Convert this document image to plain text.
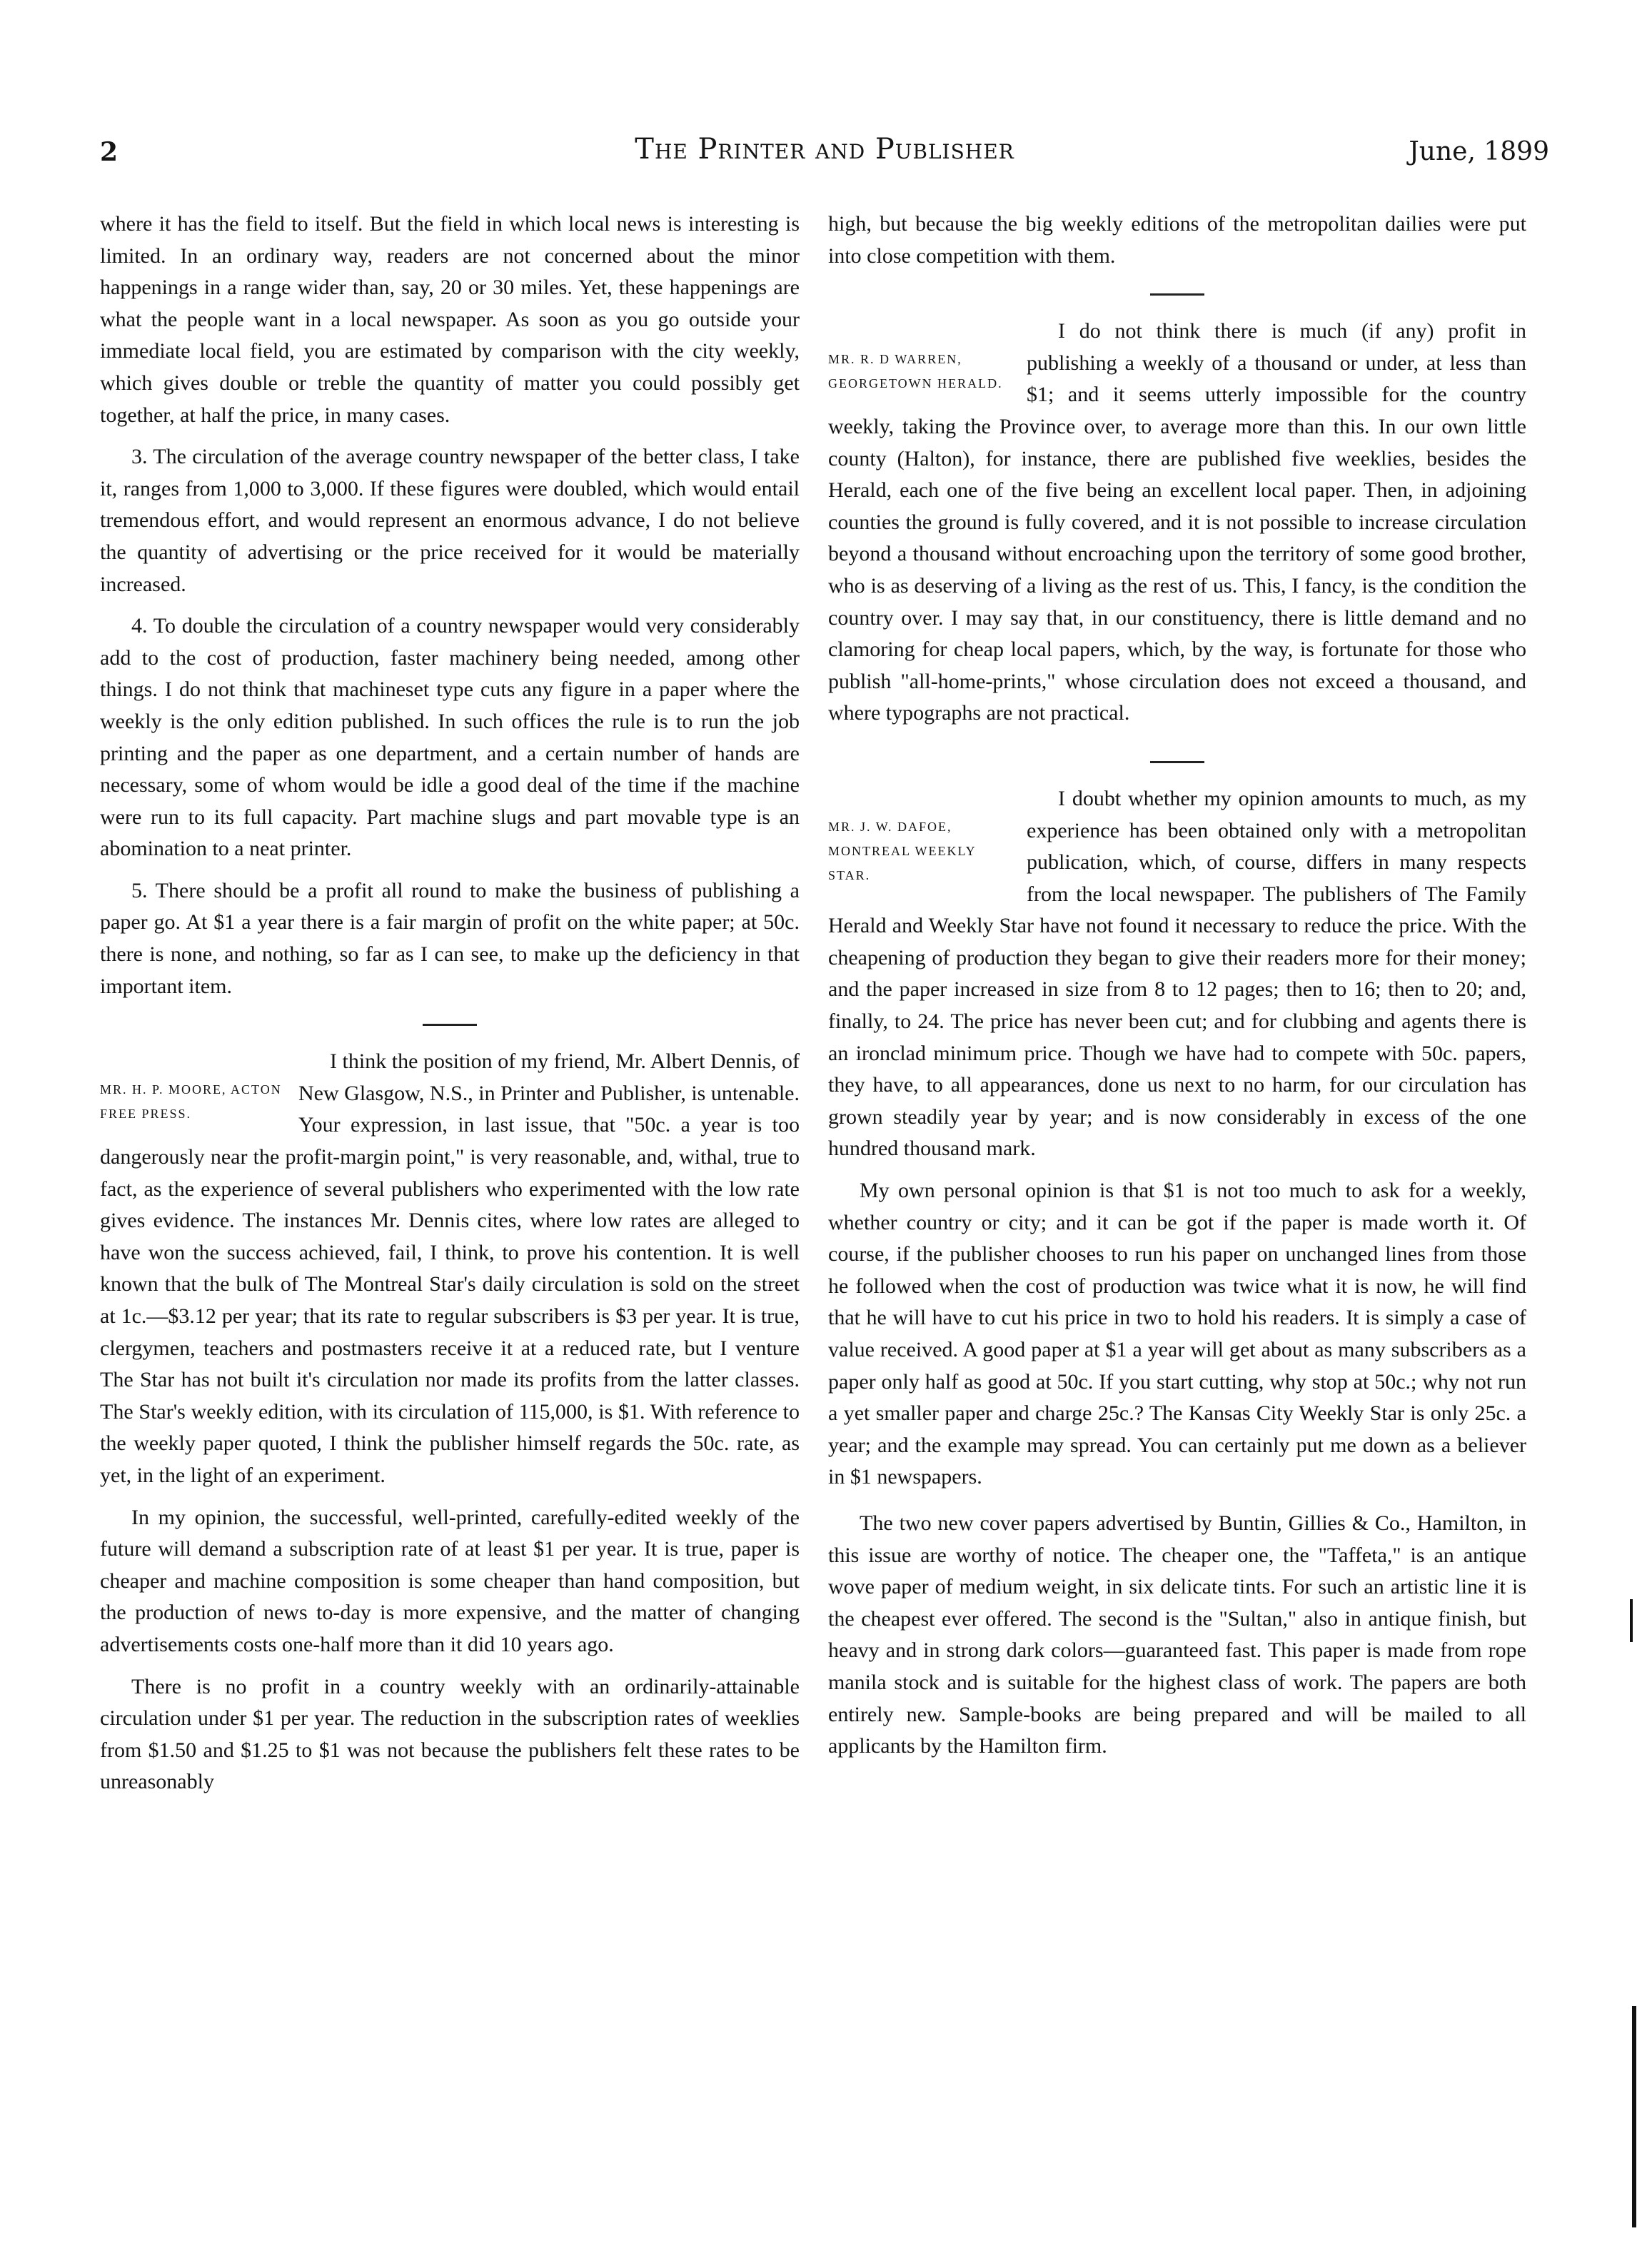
2	The Printer and Publisher	June, 1899

where it has the field to itself. But the field in which local news is interesting is limited. In an ordinary way, readers are not concerned about the minor happenings in a range wider than, say, 20 or 30 miles. Yet, these happenings are what the people want in a local newspaper. As soon as you go outside your immediate local field, you are estimated by comparison with the city weekly, which gives double or treble the quantity of matter you could possibly get together, at half the price, in many cases.

3. The circulation of the average country newspaper of the better class, I take it, ranges from 1,000 to 3,000. If these figures were doubled, which would entail tremendous effort, and would represent an enormous advance, I do not believe the quantity of advertising or the price received for it would be materially increased.

4. To double the circulation of a country newspaper would very considerably add to the cost of production, faster machinery being needed, among other things. I do not think that machineset type cuts any figure in a paper where the weekly is the only edition published. In such offices the rule is to run the job printing and the paper as one department, and a certain number of hands are necessary, some of whom would be idle a good deal of the time if the machine were run to its full capacity. Part machine slugs and part movable type is an abomination to a neat printer.

5. There should be a profit all round to make the business of publishing a paper go. At $1 a year there is a fair margin of profit on the white paper; at 50c. there is none, and nothing, so far as I can see, to make up the deficiency in that important item.

MR. H. P. MOORE, ACTON FREE PRESS.

I think the position of my friend, Mr. Albert Dennis, of New Glasgow, N.S., in Printer and Publisher, is untenable. Your expression, in last issue, that "50c. a year is too dangerously near the profit-margin point," is very reasonable, and, withal, true to fact, as the experience of several publishers who experimented with the low rate gives evidence. The instances Mr. Dennis cites, where low rates are alleged to have won the success achieved, fail, I think, to prove his contention. It is well known that the bulk of The Montreal Star's daily circulation is sold on the street at 1c.—$3.12 per year; that its rate to regular subscribers is $3 per year. It is true, clergymen, teachers and postmasters receive it at a reduced rate, but I venture The Star has not built it's circulation nor made its profits from the latter classes. The Star's weekly edition, with its circulation of 115,000, is $1. With reference to the weekly paper quoted, I think the publisher himself regards the 50c. rate, as yet, in the light of an experiment.

In my opinion, the successful, well-printed, carefully-edited weekly of the future will demand a subscription rate of at least $1 per year. It is true, paper is cheaper and machine composition is some cheaper than hand composition, but the production of news to-day is more expensive, and the matter of changing advertisements costs one-half more than it did 10 years ago.

There is no profit in a country weekly with an ordinarily-attainable circulation under $1 per year. The reduction in the subscription rates of weeklies from $1.50 and $1.25 to $1 was not because the publishers felt these rates to be unreasonably

high, but because the big weekly editions of the metropolitan dailies were put into close competition with them.

MR. R. D WARREN, GEORGETOWN HERALD.

I do not think there is much (if any) profit in publishing a weekly of a thousand or under, at less than $1; and it seems utterly impossible for the country weekly, taking the Province over, to average more than this. In our own little county (Halton), for instance, there are published five weeklies, besides the Herald, each one of the five being an excellent local paper. Then, in adjoining counties the ground is fully covered, and it is not possible to increase circulation beyond a thousand without encroaching upon the territory of some good brother, who is as deserving of a living as the rest of us. This, I fancy, is the condition the country over. I may say that, in our constituency, there is little demand and no clamoring for cheap local papers, which, by the way, is fortunate for those who publish "all-home-prints," whose circulation does not exceed a thousand, and where typographs are not practical.

MR. J. W. DAFOE, MONTREAL WEEKLY STAR.

I doubt whether my opinion amounts to much, as my experience has been obtained only with a metropolitan publication, which, of course, differs in many respects from the local newspaper. The publishers of The Family Herald and Weekly Star have not found it necessary to reduce the price. With the cheapening of production they began to give their readers more for their money; and the paper increased in size from 8 to 12 pages; then to 16; then to 20; and, finally, to 24. The price has never been cut; and for clubbing and agents there is an ironclad minimum price. Though we have had to compete with 50c. papers, they have, to all appearances, done us next to no harm, for our circulation has grown steadily year by year; and is now considerably in excess of the one hundred thousand mark.

My own personal opinion is that $1 is not too much to ask for a weekly, whether country or city; and it can be got if the paper is made worth it. Of course, if the publisher chooses to run his paper on unchanged lines from those he followed when the cost of production was twice what it is now, he will find that he will have to cut his price in two to hold his readers. It is simply a case of value received. A good paper at $1 a year will get about as many subscribers as a paper only half as good at 50c. If you start cutting, why stop at 50c.; why not run a yet smaller paper and charge 25c.? The Kansas City Weekly Star is only 25c. a year; and the example may spread. You can certainly put me down as a believer in $1 newspapers.

The two new cover papers advertised by Buntin, Gillies & Co., Hamilton, in this issue are worthy of notice. The cheaper one, the "Taffeta," is an antique wove paper of medium weight, in six delicate tints. For such an artistic line it is the cheapest ever offered. The second is the "Sultan," also in antique finish, but heavy and in strong dark colors—guaranteed fast. This paper is made from rope manila stock and is suitable for the highest class of work. The papers are both entirely new. Sample-books are being prepared and will be mailed to all applicants by the Hamilton firm.
